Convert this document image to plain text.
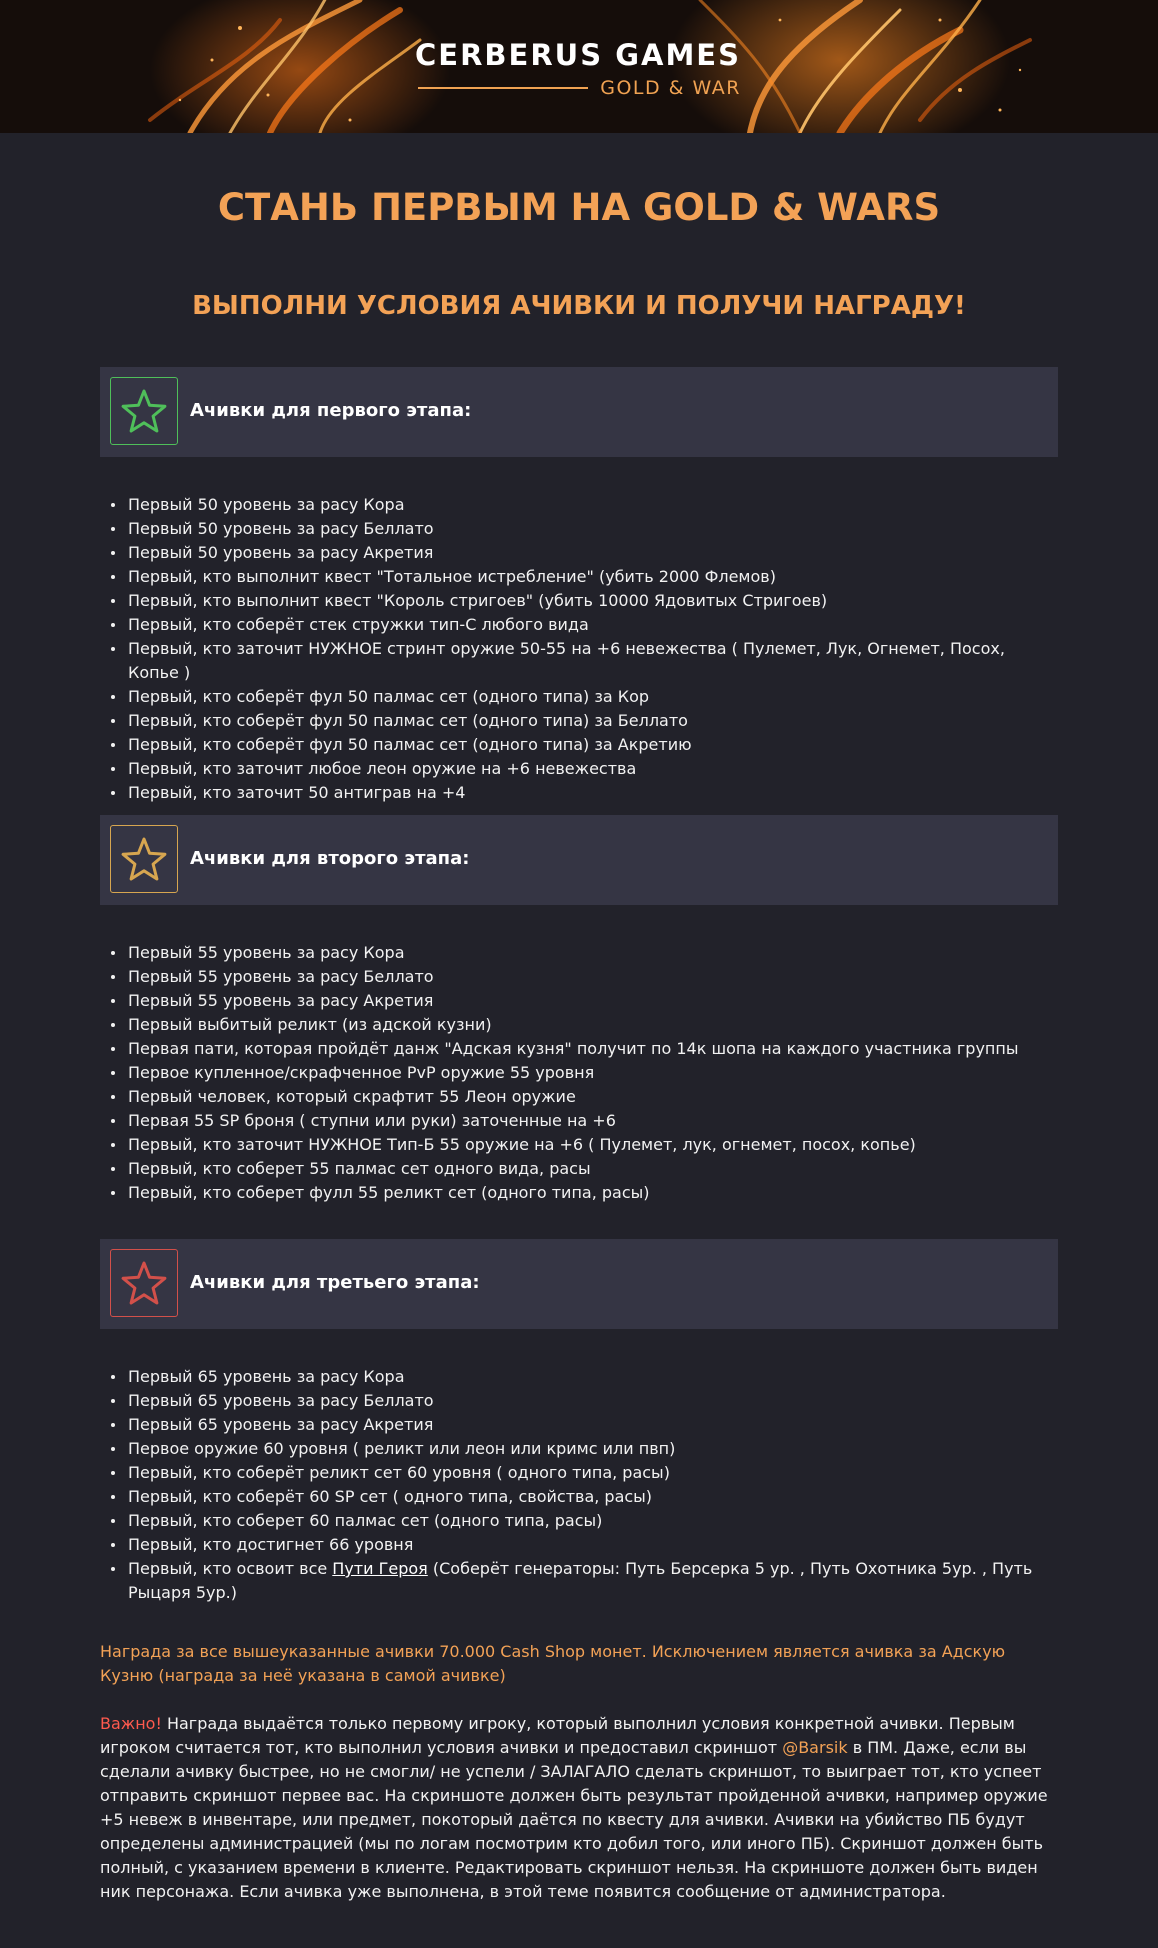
CERBERUS GAMES
GOLD & WAR
СТАНЬ ПЕРВЫМ НА GOLD & WARS
ВЫПОЛНИ УСЛОВИЯ АЧИВКИ И ПОЛУЧИ НАГРАДУ!
Ачивки для первого этапа:
Первый 50 уровень за расу Кора
Первый 50 уровень за расу Беллато
Первый 50 уровень за расу Акретия
Первый, кто выполнит квест "Тотальное истребление" (убить 2000 Флемов)
Первый, кто выполнит квест "Король стригоев" (убить 10000 Ядовитых Стригоев)
Первый, кто соберёт стек стружки тип-С любого вида
Первый, кто заточит НУЖНОЕ стринт оружие 50-55 на +6 невежества ( Пулемет, Лук, Огнемет, Посох, Копье )
Первый, кто соберёт фул 50 палмас сет (одного типа) за Кор
Первый, кто соберёт фул 50 палмас сет (одного типа) за Беллато
Первый, кто соберёт фул 50 палмас сет (одного типа) за Акретию
Первый, кто заточит любое леон оружие на +6 невежества
Первый, кто заточит 50 антиграв на +4
Ачивки для второго этапа:
Первый 55 уровень за расу Кора
Первый 55 уровень за расу Беллато
Первый 55 уровень за расу Акретия
Первый выбитый реликт (из адской кузни)
Первая пати, которая пройдёт данж "Адская кузня" получит по 14к шопа на каждого участника группы
Первое купленное/скрафченное PvP оружие 55 уровня
Первый человек, который скрафтит 55 Леон оружие
Первая 55 SP броня ( ступни или руки) заточенные на +6
Первый, кто заточит НУЖНОЕ Тип-Б 55 оружие на +6 ( Пулемет, лук, огнемет, посох, копье)
Первый, кто соберет 55 палмас сет одного вида, расы
Первый, кто соберет фулл 55 реликт сет (одного типа, расы)
Ачивки для третьего этапа:
Первый 65 уровень за расу Кора
Первый 65 уровень за расу Беллато
Первый 65 уровень за расу Акретия
Первое оружие 60 уровня ( реликт или леон или кримс или пвп)
Первый, кто соберёт реликт сет 60 уровня ( одного типа, расы)
Первый, кто соберёт 60 SP сет ( одного типа, свойства, расы)
Первый, кто соберет 60 палмас сет (одного типа, расы)
Первый, кто достигнет 66 уровня
Первый, кто освоит все Пути Героя (Соберёт генераторы: Путь Берсерка 5 ур. , Путь Охотника 5ур. , Путь Рыцаря 5ур.)
Награда за все вышеуказанные ачивки 70.000 Cash Shop монет. Исключением является ачивка за Адскую Кузню (награда за неё указана в самой ачивке)
Важно! Награда выдаётся только первому игроку, который выполнил условия конкретной ачивки. Первым игроком считается тот, кто выполнил условия ачивки и предоставил скриншот @Barsik в ПМ. Даже, если вы сделали ачивку быстрее, но не смогли/ не успели / ЗАЛАГАЛО сделать скриншот, то выиграет тот, кто успеет отправить скриншот первее вас. На скриншоте должен быть результат пройденной ачивки, например оружие +5 невеж в инвентаре, или предмет, покоторый даётся по квесту для ачивки. Ачивки на убийство ПБ будут определены администрацией (мы по логам посмотрим кто добил того, или иного ПБ). Скриншот должен быть полный, с указанием времени в клиенте. Редактировать скриншот нельзя. На скриншоте должен быть виден ник персонажа. Если ачивка уже выполнена, в этой теме появится сообщение от администратора.
